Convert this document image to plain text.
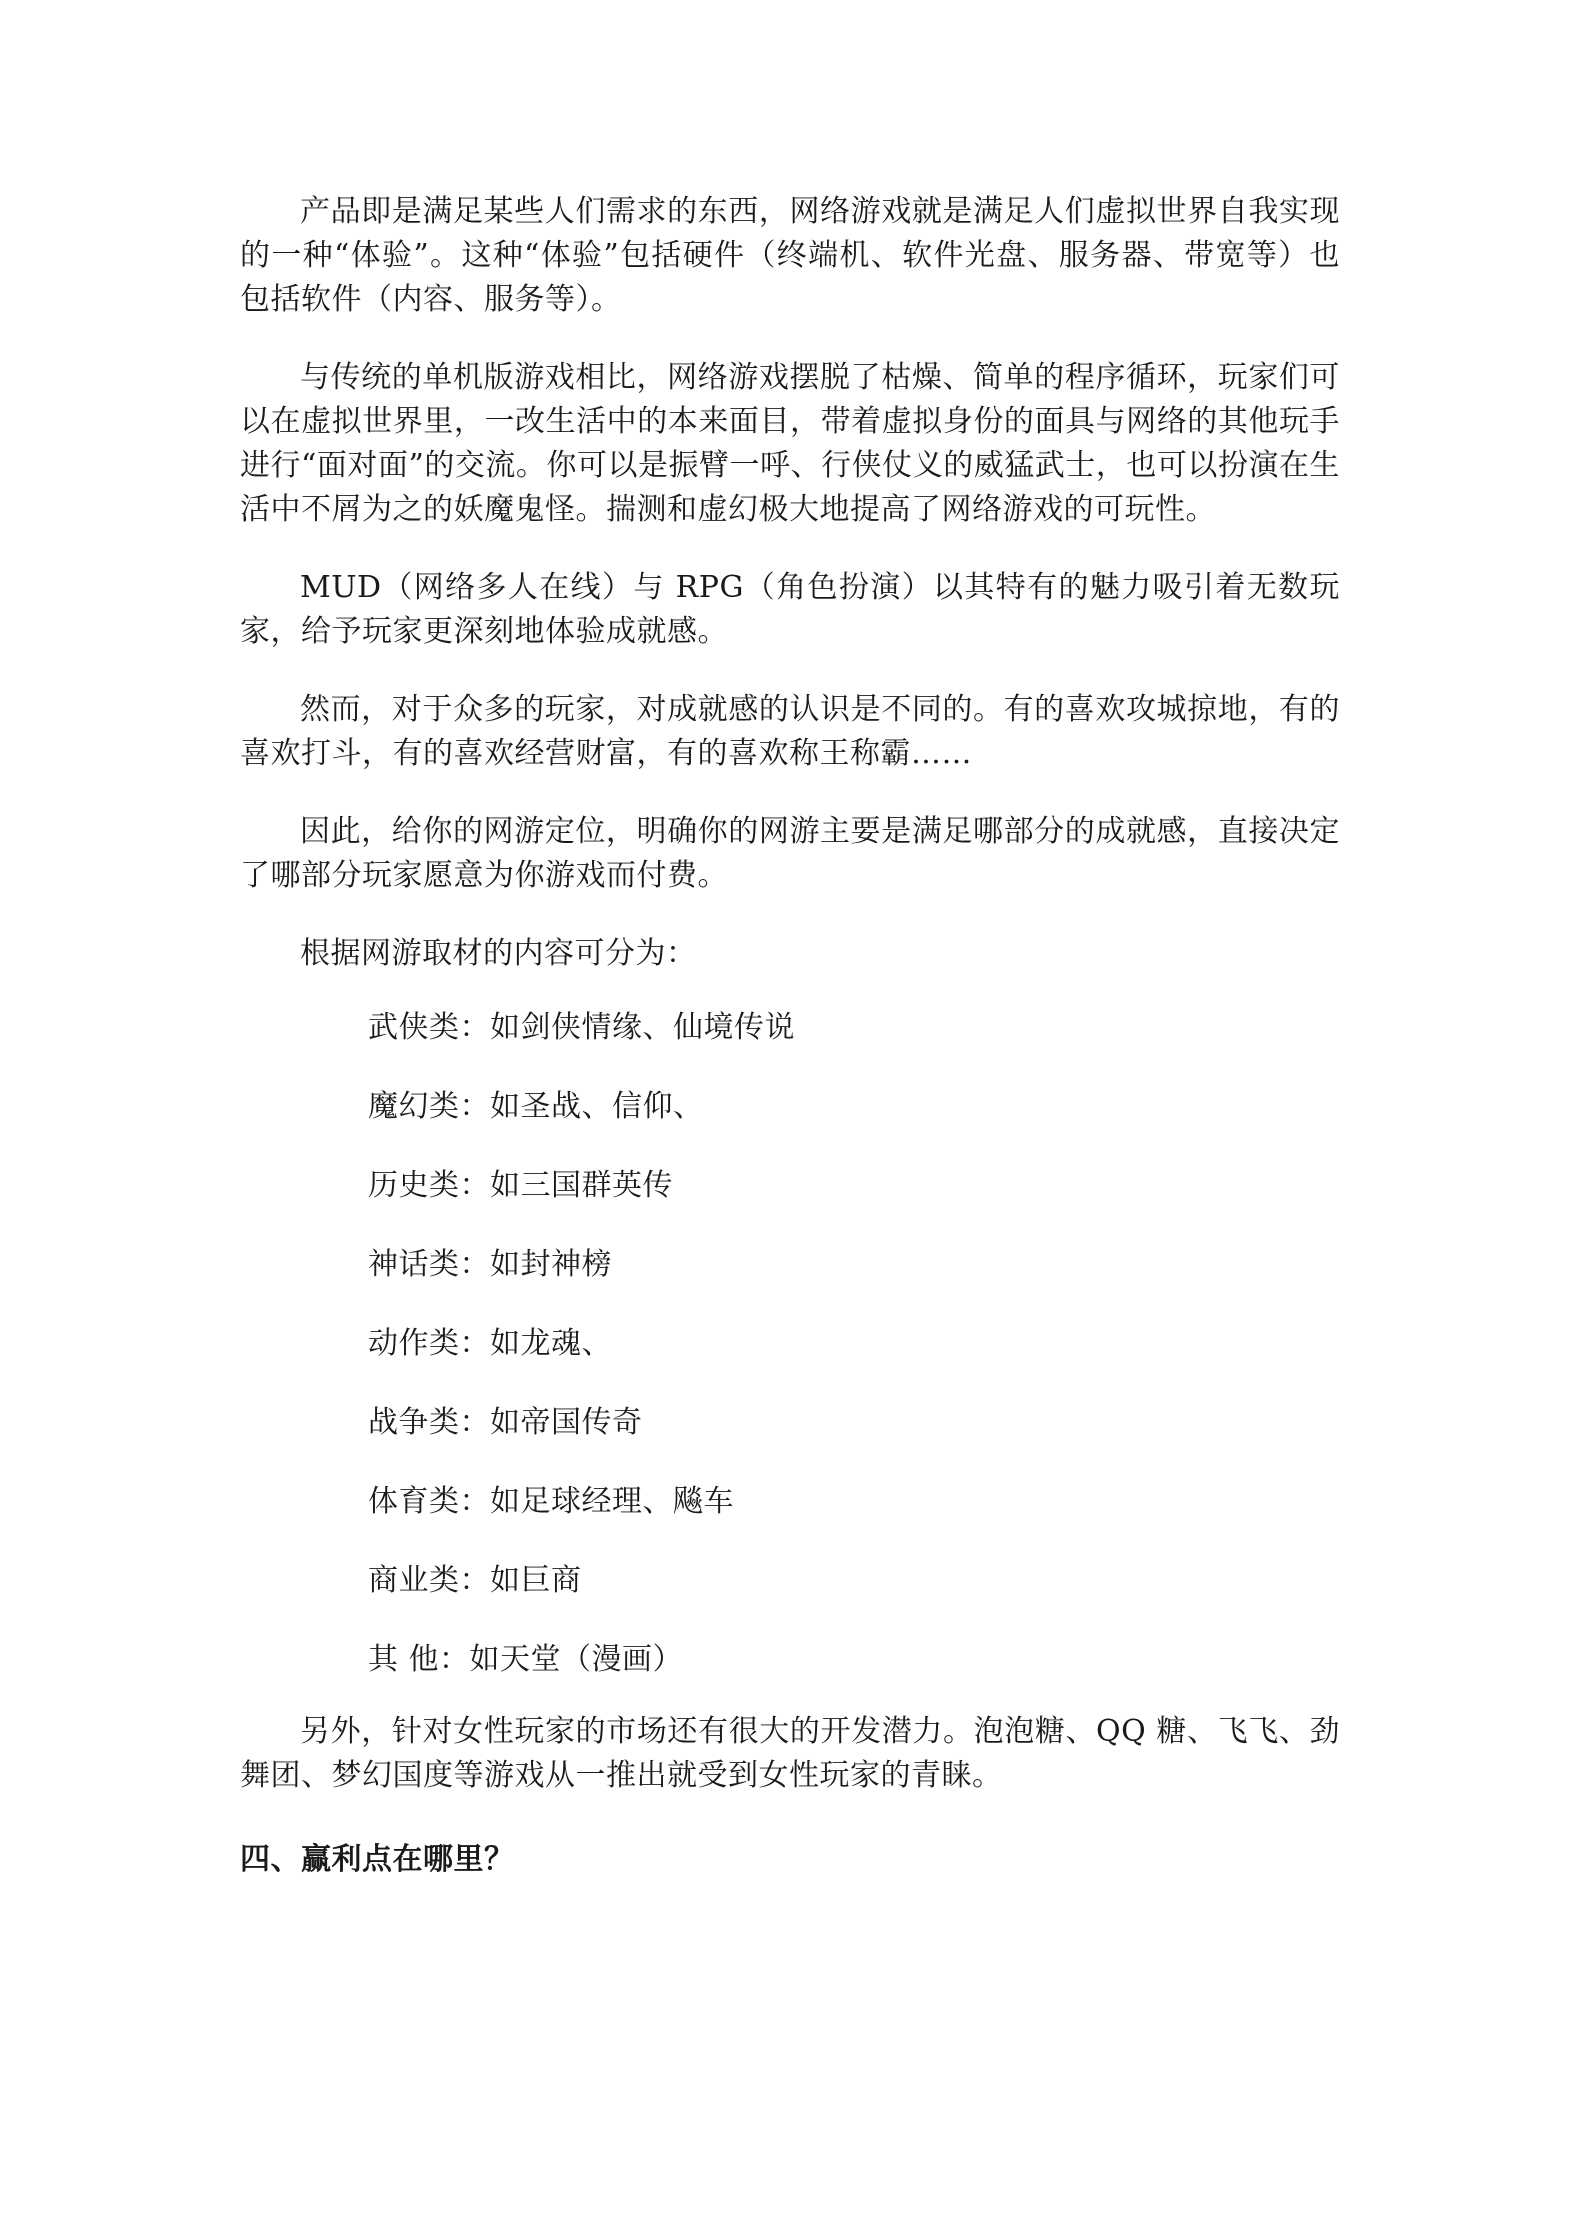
产品即是满足某些人们需求的东西，网络游戏就是满足人们虚拟世界自我实现的一种“体验”。这种“体验”包括硬件（终端机、软件光盘、服务器、带宽等）也包括软件（内容、服务等）。

与传统的单机版游戏相比，网络游戏摆脱了枯燥、简单的程序循环，玩家们可以在虚拟世界里，一改生活中的本来面目，带着虚拟身份的面具与网络的其他玩手进行“面对面”的交流。你可以是振臂一呼、行侠仗义的威猛武士，也可以扮演在生活中不屑为之的妖魔鬼怪。揣测和虚幻极大地提高了网络游戏的可玩性。

MUD（网络多人在线）与 RPG（角色扮演）以其特有的魅力吸引着无数玩家，给予玩家更深刻地体验成就感。

然而，对于众多的玩家，对成就感的认识是不同的。有的喜欢攻城掠地，有的喜欢打斗，有的喜欢经营财富，有的喜欢称王称霸……

因此，给你的网游定位，明确你的网游主要是满足哪部分的成就感，直接决定了哪部分玩家愿意为你游戏而付费。

根据网游取材的内容可分为：

武侠类：如剑侠情缘、仙境传说
魔幻类：如圣战、信仰、
历史类：如三国群英传
神话类：如封神榜
动作类：如龙魂、
战争类：如帝国传奇
体育类：如足球经理、飚车
商业类：如巨商
其 他：如天堂（漫画）

另外，针对女性玩家的市场还有很大的开发潜力。泡泡糖、QQ 糖、飞飞、劲舞团、梦幻国度等游戏从一推出就受到女性玩家的青睐。

四、赢利点在哪里？
